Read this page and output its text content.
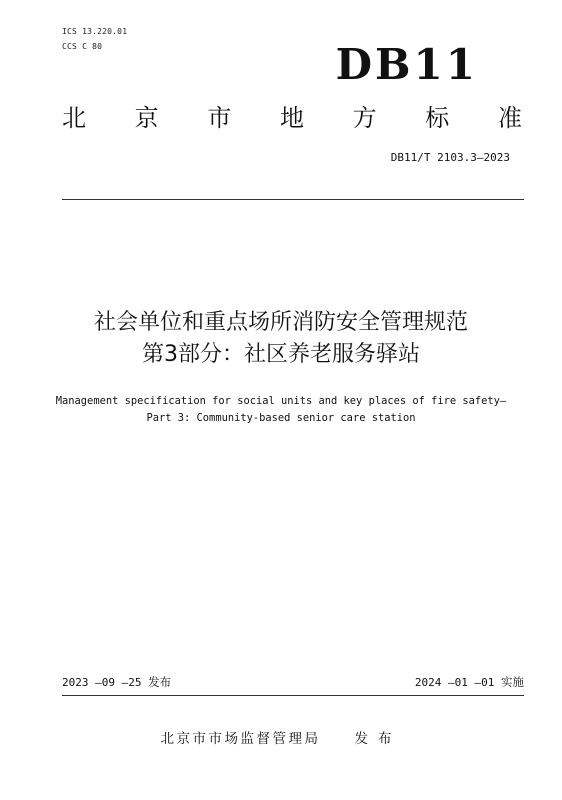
ICS 13.220.01
CCS C 80	DB11
北 京 市 地 方 标 准
DB11/T 2103.3—2023
社会单位和重点场所消防安全管理规范
第3部分：社区养老服务驿站
Management specification for social units and key places of fire safety—
Part 3: Community-based senior care station
2023 —09 —25 发布	2024 —01 —01 实施
北京市市场监督管理局	发布
